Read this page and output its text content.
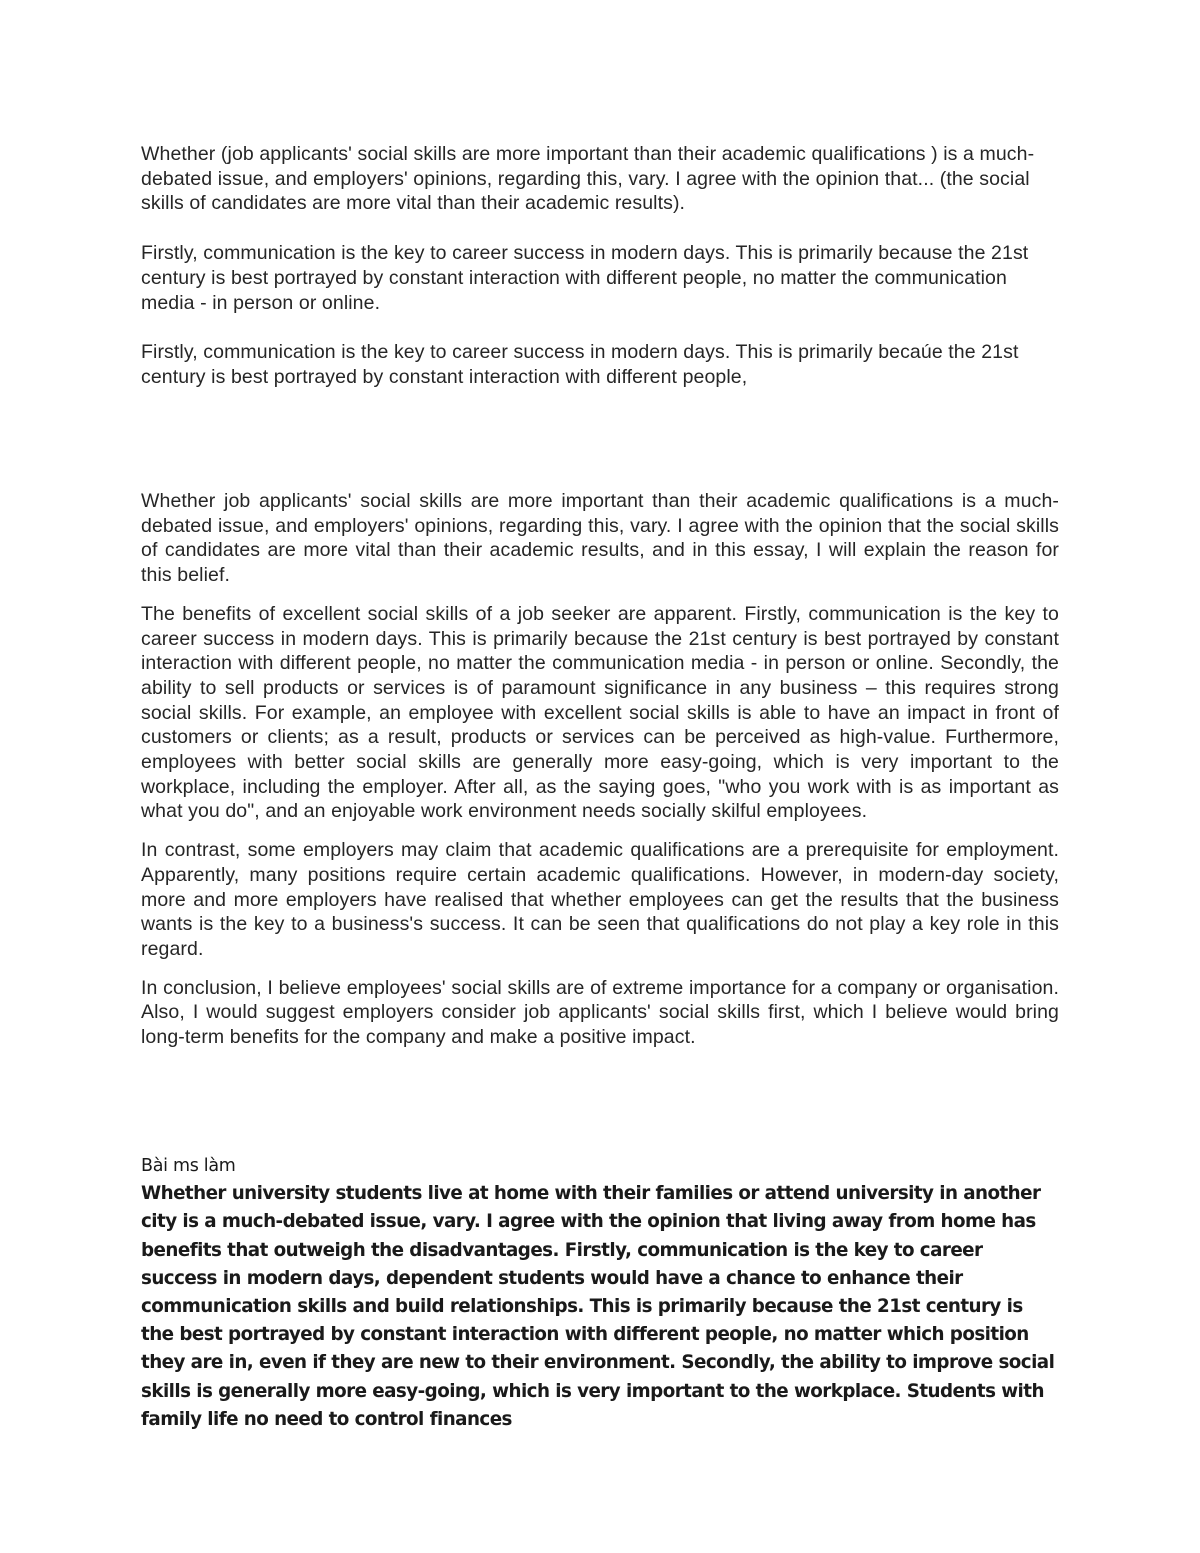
Whether (job applicants' social skills are more important than their academic qualifications ) is a much-debated issue, and employers' opinions, regarding this, vary. I agree with the opinion that... (the social skills of candidates are more vital than their academic results).

Firstly, communication is the key to career success in modern days. This is primarily because the 21st century is best portrayed by constant interaction with different people, no matter the communication media - in person or online.

Firstly, communication is the key to career success in modern days. This is primarily becaúe the 21st century is best portrayed by constant interaction with different people,

Whether job applicants' social skills are more important than their academic qualifications is a much-debated issue, and employers' opinions, regarding this, vary. I agree with the opinion that the social skills of candidates are more vital than their academic results, and in this essay, I will explain the reason for this belief.

The benefits of excellent social skills of a job seeker are apparent. Firstly, communication is the key to career success in modern days. This is primarily because the 21st century is best portrayed by constant interaction with different people, no matter the communication media - in person or online. Secondly, the ability to sell products or services is of paramount significance in any business – this requires strong social skills. For example, an employee with excellent social skills is able to have an impact in front of customers or clients; as a result, products or services can be perceived as high-value. Furthermore, employees with better social skills are generally more easy-going, which is very important to the workplace, including the employer. After all, as the saying goes, "who you work with is as important as what you do", and an enjoyable work environment needs socially skilful employees.

In contrast, some employers may claim that academic qualifications are a prerequisite for employment. Apparently, many positions require certain academic qualifications. However, in modern-day society, more and more employers have realised that whether employees can get the results that the business wants is the key to a business's success. It can be seen that qualifications do not play a key role in this regard.

In conclusion, I believe employees' social skills are of extreme importance for a company or organisation. Also, I would suggest employers consider job applicants' social skills first, which I believe would bring long-term benefits for the company and make a positive impact.

Bài ms làm

Whether university students live at home with their families or attend university in another city is a much-debated issue, vary. I agree with the opinion that living away from home has benefits that outweigh the disadvantages. Firstly, communication is the key to career success in modern days, dependent students would have a chance to enhance their communication skills and build relationships. This is primarily because the 21st century is the best portrayed by constant interaction with different people, no matter which position they are in, even if they are new to their environment. Secondly, the ability to improve social skills is generally more easy-going, which is very important to the workplace. Students with family life no need to control finances
